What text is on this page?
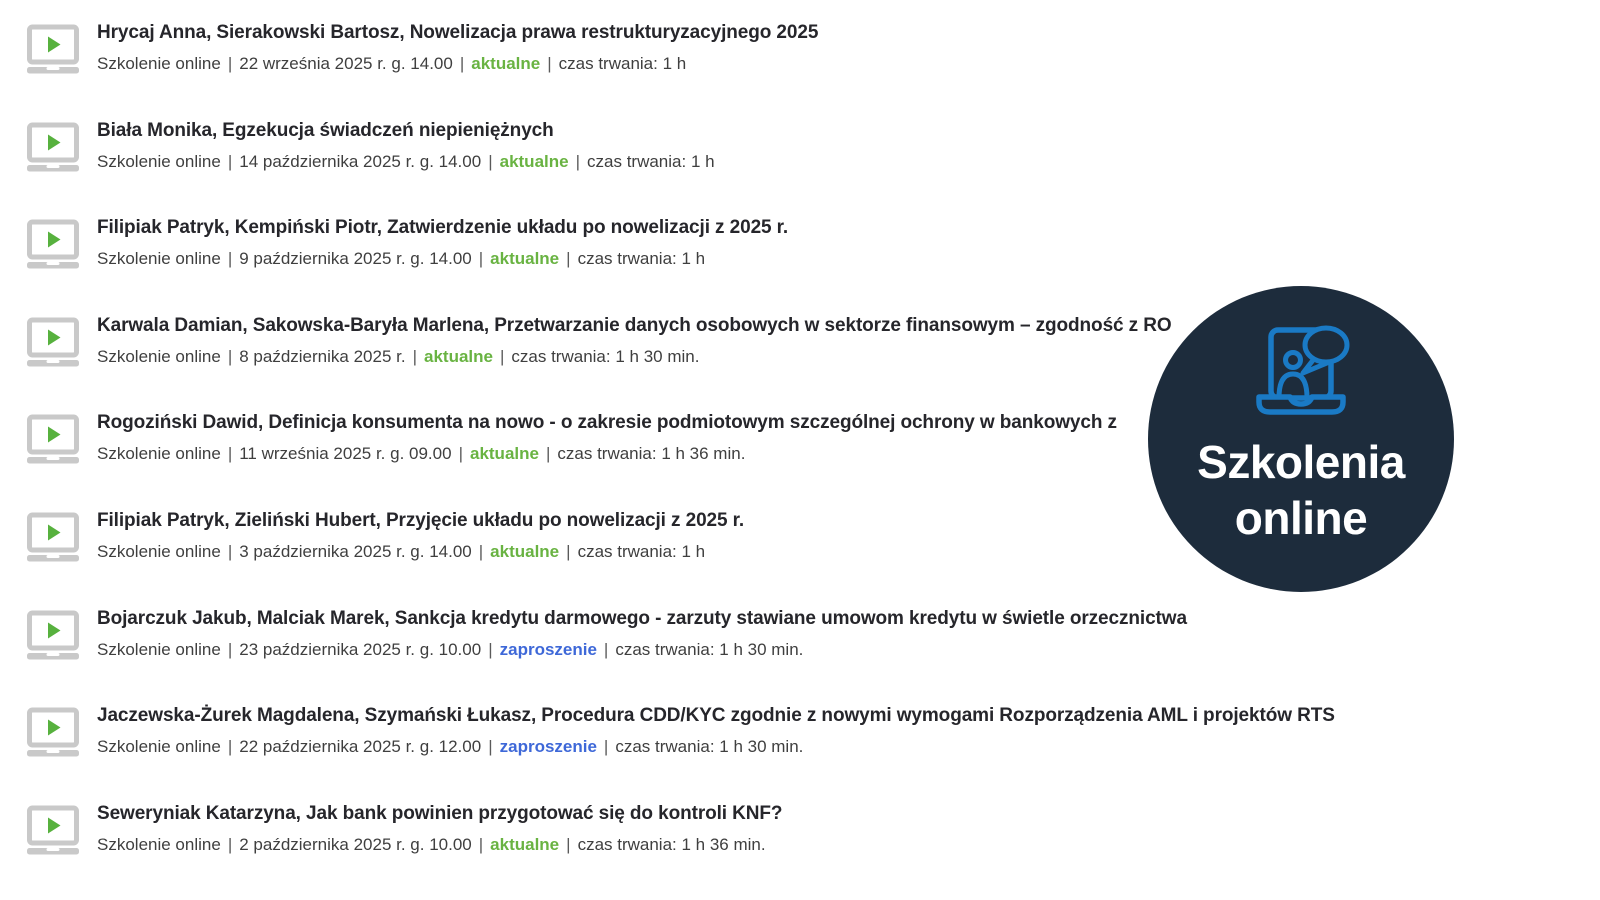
Hrycaj Anna, Sierakowski Bartosz, Nowelizacja prawa restrukturyzacyjnego 2025

Szkolenie online | 22 września 2025 r. g. 14.00 | aktualne | czas trwania: 1 h

Biała Monika, Egzekucja świadczeń niepieniężnych

Szkolenie online | 14 października 2025 r. g. 14.00 | aktualne | czas trwania: 1 h

Filipiak Patryk, Kempiński Piotr, Zatwierdzenie układu po nowelizacji z 2025 r.

Szkolenie online | 9 października 2025 r. g. 14.00 | aktualne | czas trwania: 1 h

Karwala Damian, Sakowska-Baryła Marlena, Przetwarzanie danych osobowych w sektorze finansowym – zgodność z RO

Szkolenie online | 8 października 2025 r. | aktualne | czas trwania: 1 h 30 min.

Rogoziński Dawid, Definicja konsumenta na nowo - o zakresie podmiotowym szczególnej ochrony w bankowych z

Szkolenie online | 11 września 2025 r. g. 09.00 | aktualne | czas trwania: 1 h 36 min.

Filipiak Patryk, Zieliński Hubert, Przyjęcie układu po nowelizacji z 2025 r.

Szkolenie online | 3 października 2025 r. g. 14.00 | aktualne | czas trwania: 1 h

Bojarczuk Jakub, Malciak Marek, Sankcja kredytu darmowego - zarzuty stawiane umowom kredytu w świetle orzecznictwa

Szkolenie online | 23 października 2025 r. g. 10.00 | zaproszenie | czas trwania: 1 h 30 min.

Jaczewska-Żurek Magdalena, Szymański Łukasz, Procedura CDD/KYC zgodnie z nowymi wymogami Rozporządzenia AML i projektów RTS

Szkolenie online | 22 października 2025 r. g. 12.00 | zaproszenie | czas trwania: 1 h 30 min.

Seweryniak Katarzyna, Jak bank powinien przygotować się do kontroli KNF?

Szkolenie online | 2 października 2025 r. g. 10.00 | aktualne | czas trwania: 1 h 36 min.

Szkolenia
online
